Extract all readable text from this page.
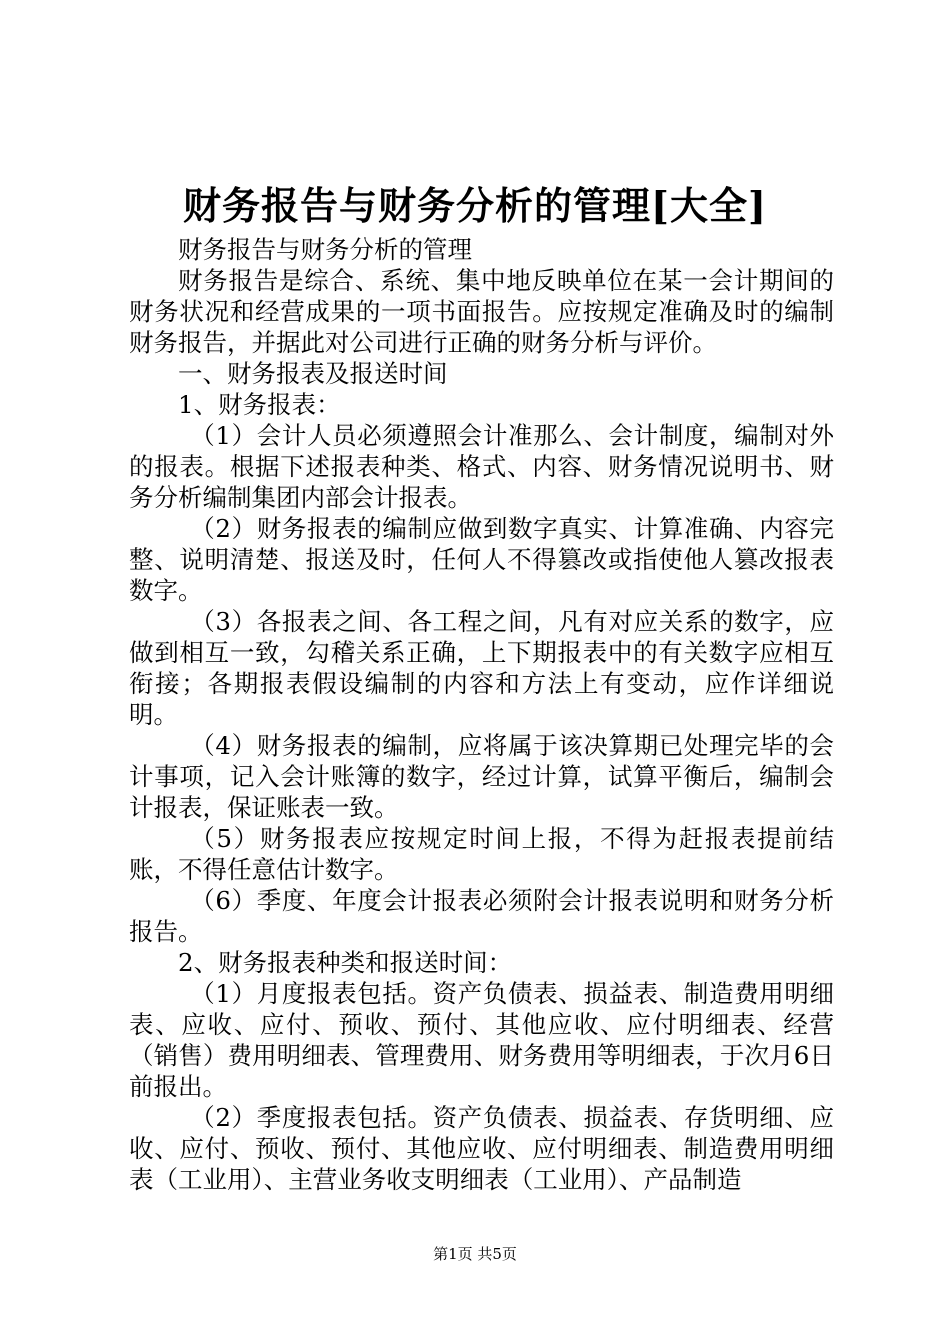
财务报告与财务分析的管理[大全]

财务报告与财务分析的管理

财务报告是综合、系统、集中地反映单位在某一会计期间的财务状况和经营成果的一项书面报告。应按规定准确及时的编制财务报告，并据此对公司进行正确的财务分析与评价。

一、财务报表及报送时间

1、财务报表：

（1）会计人员必须遵照会计准那么、会计制度，编制对外的报表。根据下述报表种类、格式、内容、财务情况说明书、财务分析编制集团内部会计报表。

（2）财务报表的编制应做到数字真实、计算准确、内容完整、说明清楚、报送及时，任何人不得篡改或指使他人篡改报表数字。

（3）各报表之间、各工程之间，凡有对应关系的数字，应做到相互一致，勾稽关系正确，上下期报表中的有关数字应相互衔接；各期报表假设编制的内容和方法上有变动，应作详细说明。

（4）财务报表的编制，应将属于该决算期已处理完毕的会计事项，记入会计账簿的数字，经过计算，试算平衡后，编制会计报表，保证账表一致。

（5）财务报表应按规定时间上报，不得为赶报表提前结账，不得任意估计数字。

（6）季度、年度会计报表必须附会计报表说明和财务分析报告。

2、财务报表种类和报送时间：

（1）月度报表包括。资产负债表、损益表、制造费用明细表、应收、应付、预收、预付、其他应收、应付明细表、经营（销售）费用明细表、管理费用、财务费用等明细表，于次月6日前报出。

（2）季度报表包括。资产负债表、损益表、存货明细、应收、应付、预收、预付、其他应收、应付明细表、制造费用明细表（工业用）、主营业务收支明细表（工业用）、产品制造

第1页 共5页
